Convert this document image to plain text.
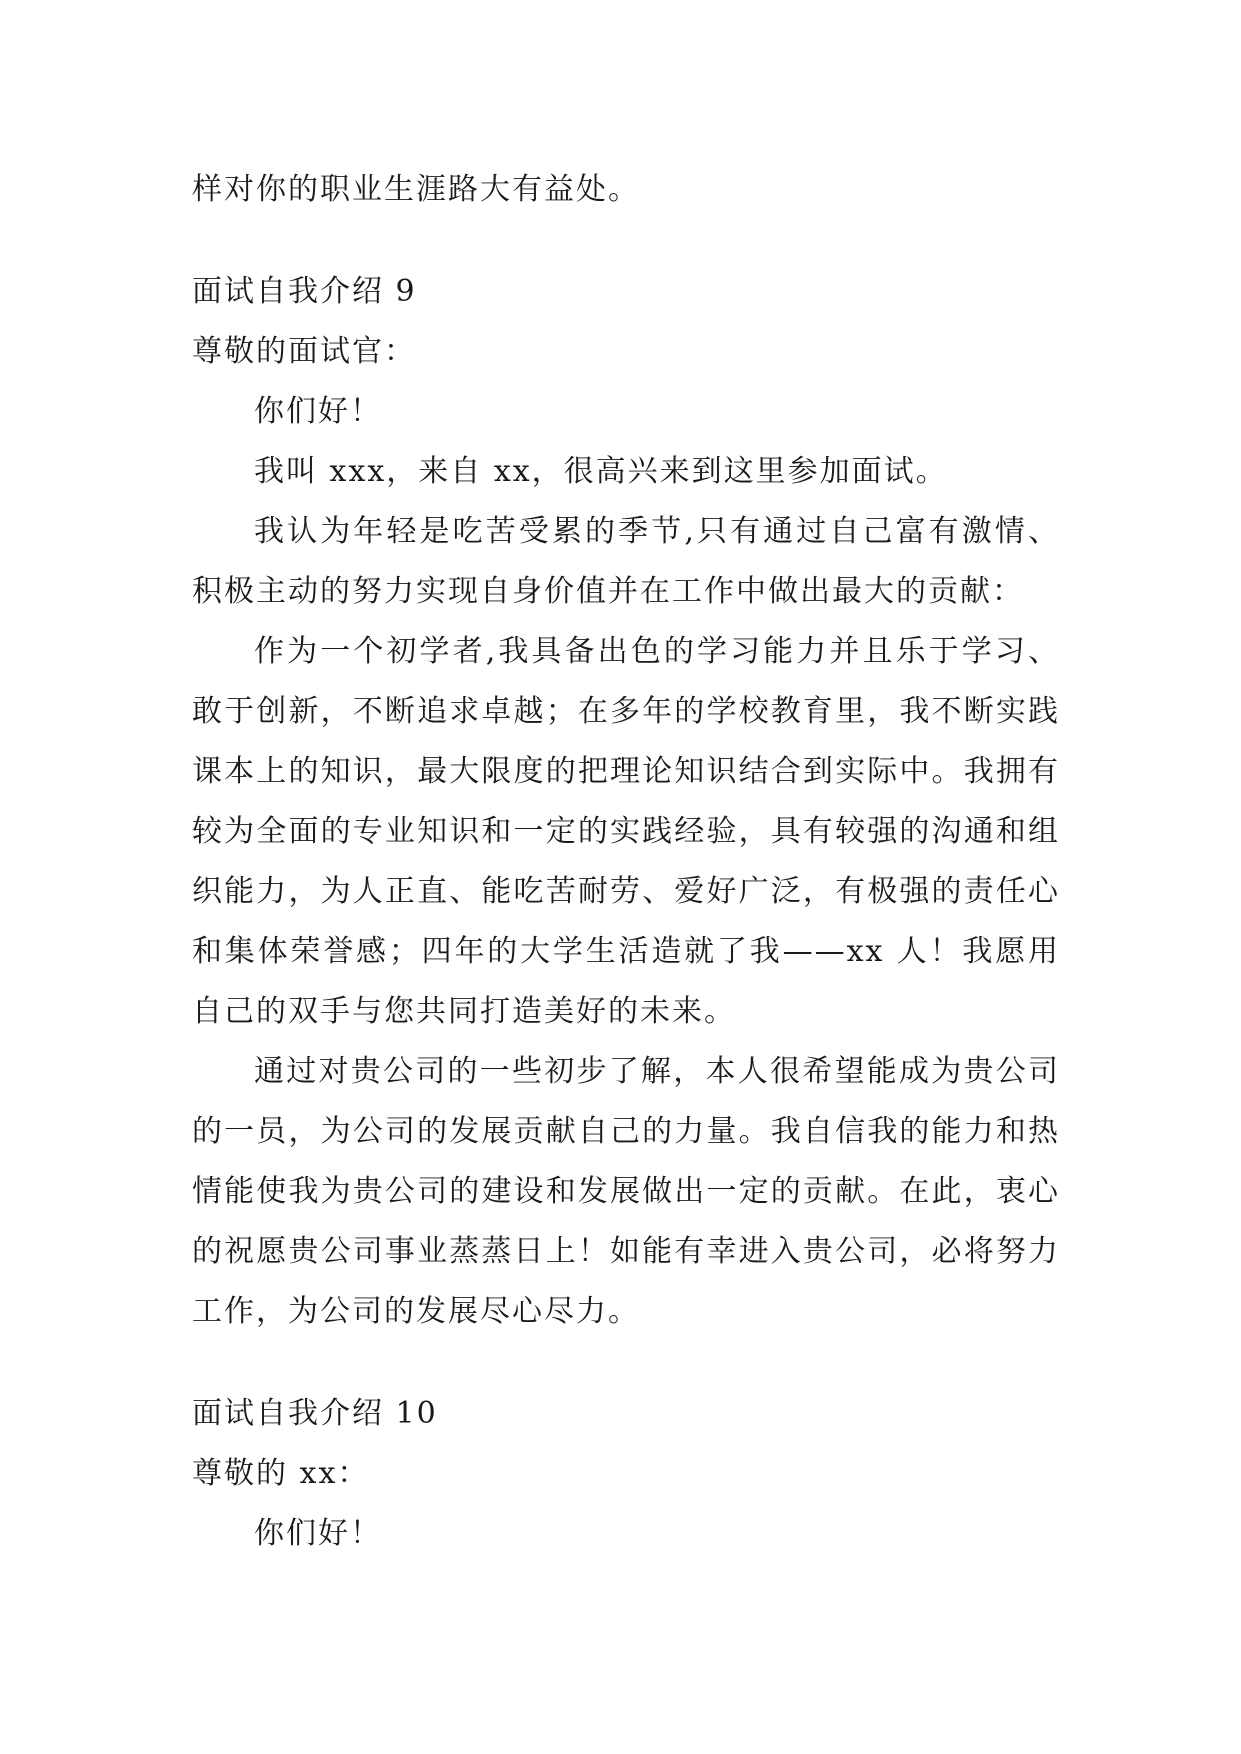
样对你的职业生涯路大有益处。
面试自我介绍 9
尊敬的面试官：
你们好！

我叫 xxx，来自 xx，很高兴来到这里参加面试。

我认为年轻是吃苦受累的季节,只有通过自己富有激情、积极主动的努力实现自身价值并在工作中做出最大的贡献：

作为一个初学者,我具备出色的学习能力并且乐于学习、敢于创新，不断追求卓越；在多年的学校教育里，我不断实践课本上的知识，最大限度的把理论知识结合到实际中。我拥有较为全面的专业知识和一定的实践经验，具有较强的沟通和组织能力，为人正直、能吃苦耐劳、爱好广泛，有极强的责任心和集体荣誉感；四年的大学生活造就了我——xx 人！我愿用自己的双手与您共同打造美好的未来。

通过对贵公司的一些初步了解，本人很希望能成为贵公司的一员，为公司的发展贡献自己的力量。我自信我的能力和热情能使我为贵公司的建设和发展做出一定的贡献。在此，衷心的祝愿贵公司事业蒸蒸日上！如能有幸进入贵公司，必将努力工作，为公司的发展尽心尽力。

面试自我介绍 10
尊敬的 xx：
你们好！
